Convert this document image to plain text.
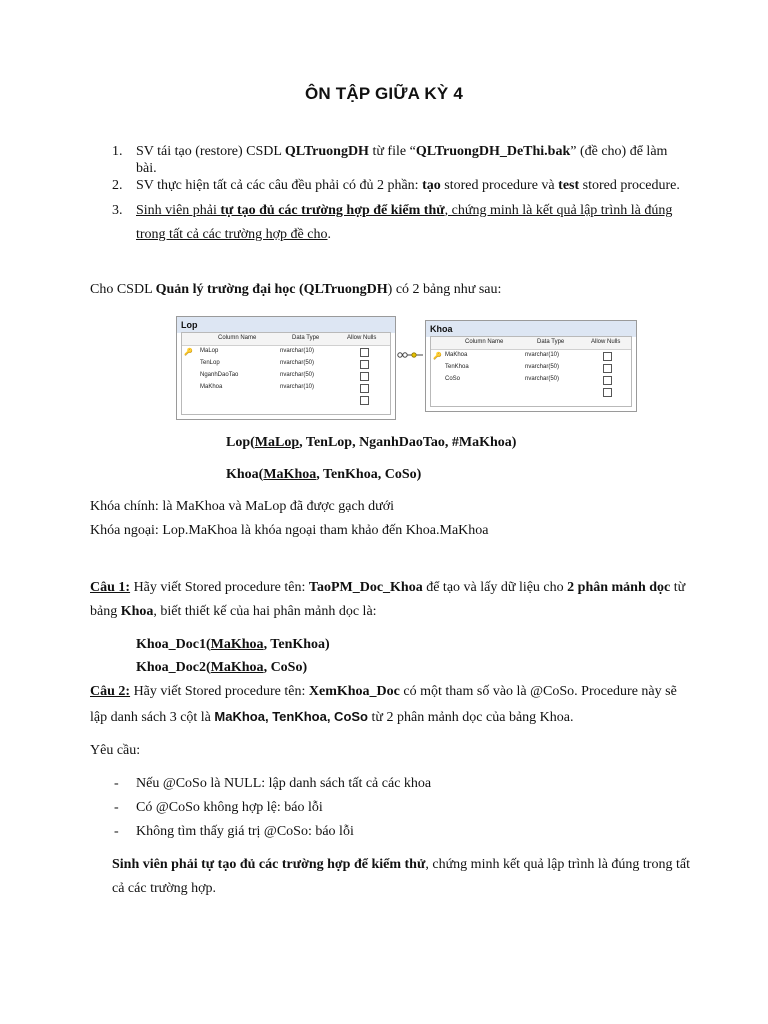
ÔN TẬP GIỮA KỲ 4
1. SV tái tạo (restore) CSDL QLTruongDH từ file “QLTruongDH_DeThi.bak” (đề cho) để làm
bài.
2. SV thực hiện tất cả các câu đều phải có đủ 2 phần: tạo stored procedure và test stored procedure.
3. Sinh viên phải tự tạo đủ các trường hợp để kiểm thử, chứng minh là kết quả lập trình là đúng
trong tất cả các trường hợp đề cho.
Cho CSDL Quản lý trường đại học (QLTruongDH) có 2 bảng như sau:
Lop
Column Name	Data Type	Allow Nulls
🔑 MaLop	nvarchar(10)
TenLop	nvarchar(50)
NganhDaoTao	nvarchar(50)
MaKhoa	nvarchar(10)
Khoa
Column Name	Data Type	Allow Nulls
🔑 MaKhoa	nvarchar(10)
TenKhoa	nvarchar(50)
CoSo	nvarchar(50)
Lop(MaLop, TenLop, NganhDaoTao, #MaKhoa)
Khoa(MaKhoa, TenKhoa, CoSo)
Khóa chính: là MaKhoa và MaLop đã được gạch dưới
Khóa ngoại: Lop.MaKhoa là khóa ngoại tham khảo đến Khoa.MaKhoa
Câu 1: Hãy viết Stored procedure tên: TaoPM_Doc_Khoa để tạo và lấy dữ liệu cho 2 phân mảnh dọc từ
bảng Khoa, biết thiết kế của hai phân mảnh dọc là:
Khoa_Doc1(MaKhoa, TenKhoa)
Khoa_Doc2(MaKhoa, CoSo)
Câu 2: Hãy viết Stored procedure tên: XemKhoa_Doc có một tham số vào là @CoSo. Procedure này sẽ
lập danh sách 3 cột là MaKhoa, TenKhoa, CoSo từ 2 phân mảnh dọc của bảng Khoa.
Yêu cầu:
- Nếu @CoSo là NULL: lập danh sách tất cả các khoa
- Có @CoSo không hợp lệ: báo lỗi
- Không tìm thấy giá trị @CoSo: báo lỗi
Sinh viên phải tự tạo đủ các trường hợp để kiểm thử, chứng minh kết quả lập trình là đúng trong tất
cả các trường hợp.
